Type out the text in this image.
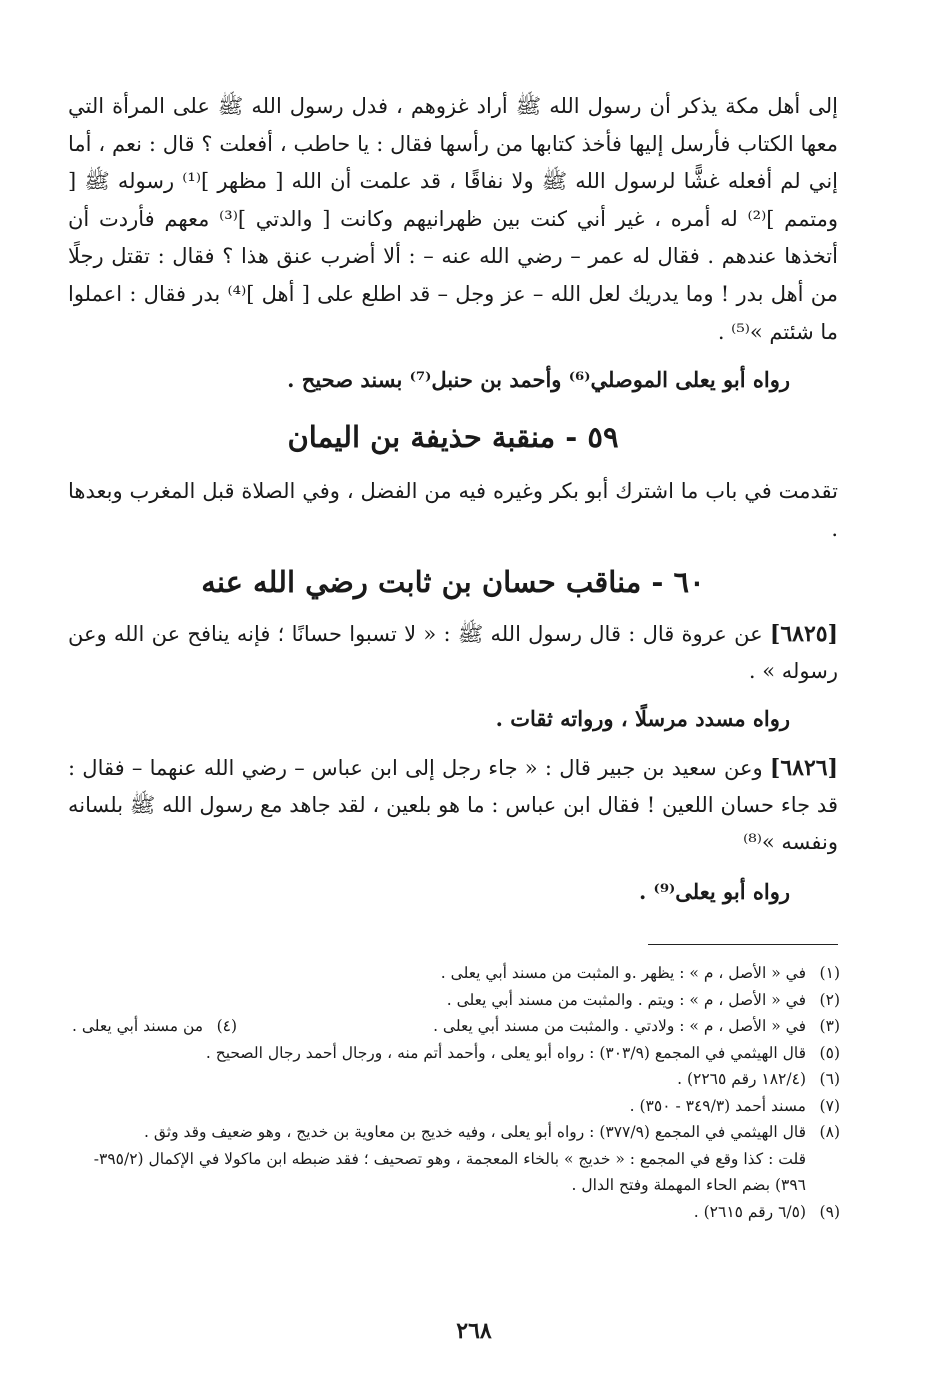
إلى أهل مكة يذكر أن رسول الله ﷺ أراد غزوهم ، فدل رسول الله ﷺ على المرأة التي معها الكتاب فأرسل إليها فأخذ كتابها من رأسها فقال : يا حاطب ، أفعلت ؟ قال : نعم ، أما إني لم أفعله غشًّا لرسول الله ﷺ ولا نفاقًا ، قد علمت أن الله [ مظهر ]⁽¹⁾ رسوله ﷺ [ ومتمم ]⁽²⁾ له أمره ، غير أني كنت بين ظهرانيهم وكانت [ والدتي ]⁽³⁾ معهم فأردت أن أتخذها عندهم . فقال له عمر – رضي الله عنه – : ألا أضرب عنق هذا ؟ فقال : تقتل رجلًا من أهل بدر ! وما يدريك لعل الله – عز وجل – قد اطلع على [ أهل ]⁽⁴⁾ بدر فقال : اعملوا ما شئتم »⁽⁵⁾ .

رواه أبو يعلى الموصلي⁽⁶⁾ وأحمد بن حنبل⁽⁷⁾ بسند صحيح .

٥٩ - منقبة حذيفة بن اليمان

تقدمت في باب ما اشترك أبو بكر وغيره فيه من الفضل ، وفي الصلاة قبل المغرب وبعدها .

٦٠ - مناقب حسان بن ثابت رضي الله عنه

[٦٨٢٥] عن عروة قال : قال رسول الله ﷺ : « لا تسبوا حسانًا ؛ فإنه ينافح عن الله وعن رسوله » .

رواه مسدد مرسلًا ، ورواته ثقات .

[٦٨٢٦] وعن سعيد بن جبير قال : « جاء رجل إلى ابن عباس – رضي الله عنهما – فقال : قد جاء حسان اللعين ! فقال ابن عباس : ما هو بلعين ، لقد جاهد مع رسول الله ﷺ بلسانه ونفسه »⁽⁸⁾

رواه أبو يعلى⁽⁹⁾ .

(١)في « الأصل ، م » : يظهر .و المثبت من مسند أبي يعلى .

(٢)في « الأصل ، م » : ويتم . والمثبت من مسند أبي يعلى .

(٣)في « الأصل ، م » : ولادتي . والمثبت من مسند أبي يعلى .
(٤)من مسند أبي يعلى .

(٥)قال الهيثمي في المجمع (٣٠٣/٩) : رواه أبو يعلى ، وأحمد أتم منه ، ورجال أحمد رجال الصحيح .

(٦)(١٨٢/٤ رقم ٢٢٦٥) .

(٧)مسند أحمد (٣٤٩/٣ - ٣٥٠) .

(٨)قال الهيثمي في المجمع (٣٧٧/٩) : رواه أبو يعلى ، وفيه خديج بن معاوية بن خديج ، وهو ضعيف وقد وثق .

قلت : كذا وقع في المجمع : « خديج » بالخاء المعجمة ، وهو تصحيف ؛ فقد ضبطه ابن ماكولا في الإكمال (٣٩٥/٢- ٣٩٦) بضم الحاء المهملة وفتح الدال .

(٩)(٦/٥ رقم ٢٦١٥) .

٢٦٨
